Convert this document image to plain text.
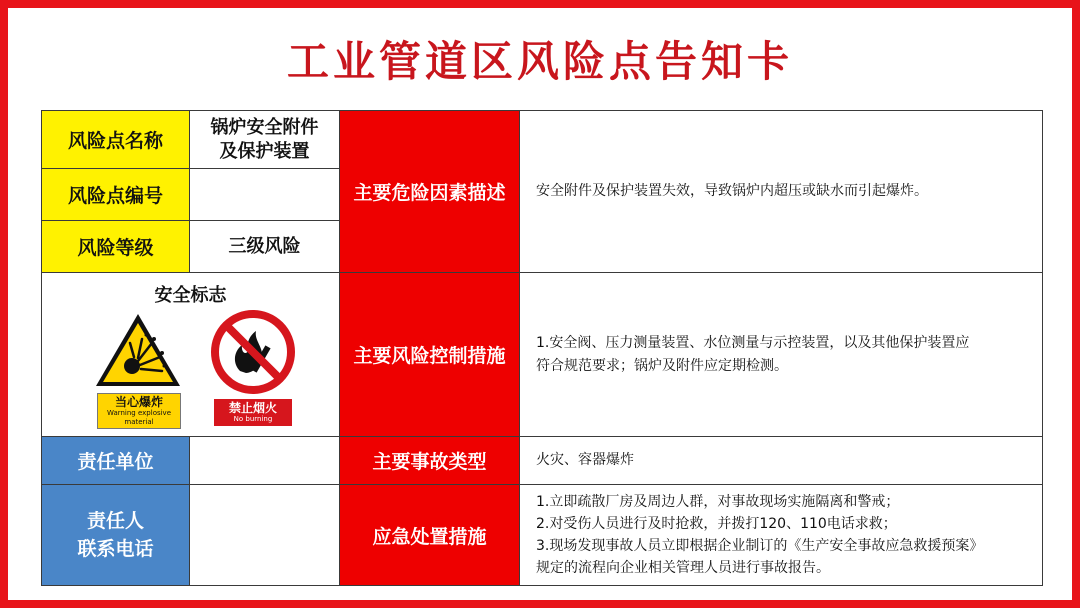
工业管道区风险点告知卡
风险点名称
锅炉安全附件
及保护装置
风险点编号
风险等级	三级风险
安全标志
当心爆炸
Warning explosive material
禁止烟火
No burning
责任单位
责任人
联系电话
主要危险因素描述 安全附件及保护装置失效，导致锅炉内超压或缺水而引起爆炸。
主要风险控制措施
1.安全阀、压力测量装置、水位测量与示控装置，以及其他保护装置应
符合规范要求；锅炉及附件应定期检测。
主要事故类型	火灾、容器爆炸
应急处置措施
1.立即疏散厂房及周边人群，对事故现场实施隔离和警戒；
2.对受伤人员进行及时抢救，并拨打120、110电话求救；
3.现场发现事故人员立即根据企业制订的《生产安全事故应急救援预案》
规定的流程向企业相关管理人员进行事故报告。
